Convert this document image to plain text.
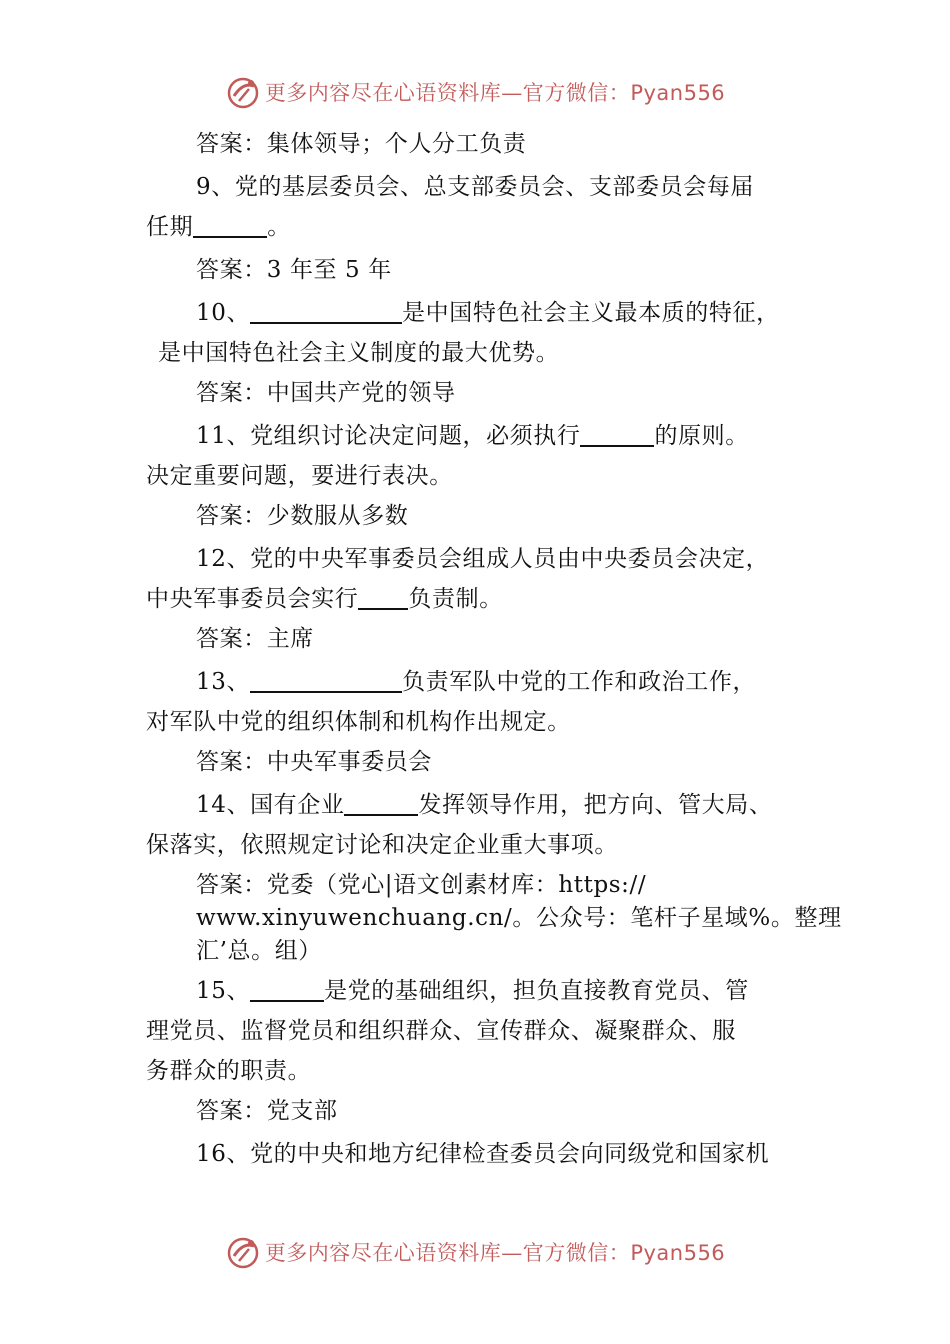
更多内容尽在心语资料库—官方微信：Pyan556
答案：集体领导；个人分工负责
9、党的基层委员会、总支部委员会、支部委员会每届
任期	。
答案：3 年至 5 年
10、	是中国特色社会主义最本质的特征，
是中国特色社会主义制度的最大优势。
答案：中国共产党的领导
11、党组织讨论决定问题，必须执行	的原则。
决定重要问题，要进行表决。
答案：少数服从多数
12、党的中央军事委员会组成人员由中央委员会决定，
中央军事委员会实行 负责制。
答案：主席
13、	负责军队中党的工作和政治工作，
对军队中党的组织体制和机构作出规定。
答案：中央军事委员会
14、国有企业	发挥领导作用，把方向、管大局、
保落实，依照规定讨论和决定企业重大事项。
答案：党委（党心|语文创素材库：https://
www.xinyuwenchuang.cn/。公众号：笔杆子星域%。整理
汇’总。组）
15、	是党的基础组织，担负直接教育党员、管
理党员、监督党员和组织群众、宣传群众、凝聚群众、服
务群众的职责。
答案：党支部
16、党的中央和地方纪律检查委员会向同级党和国家机
更多内容尽在心语资料库—官方微信：Pyan556
